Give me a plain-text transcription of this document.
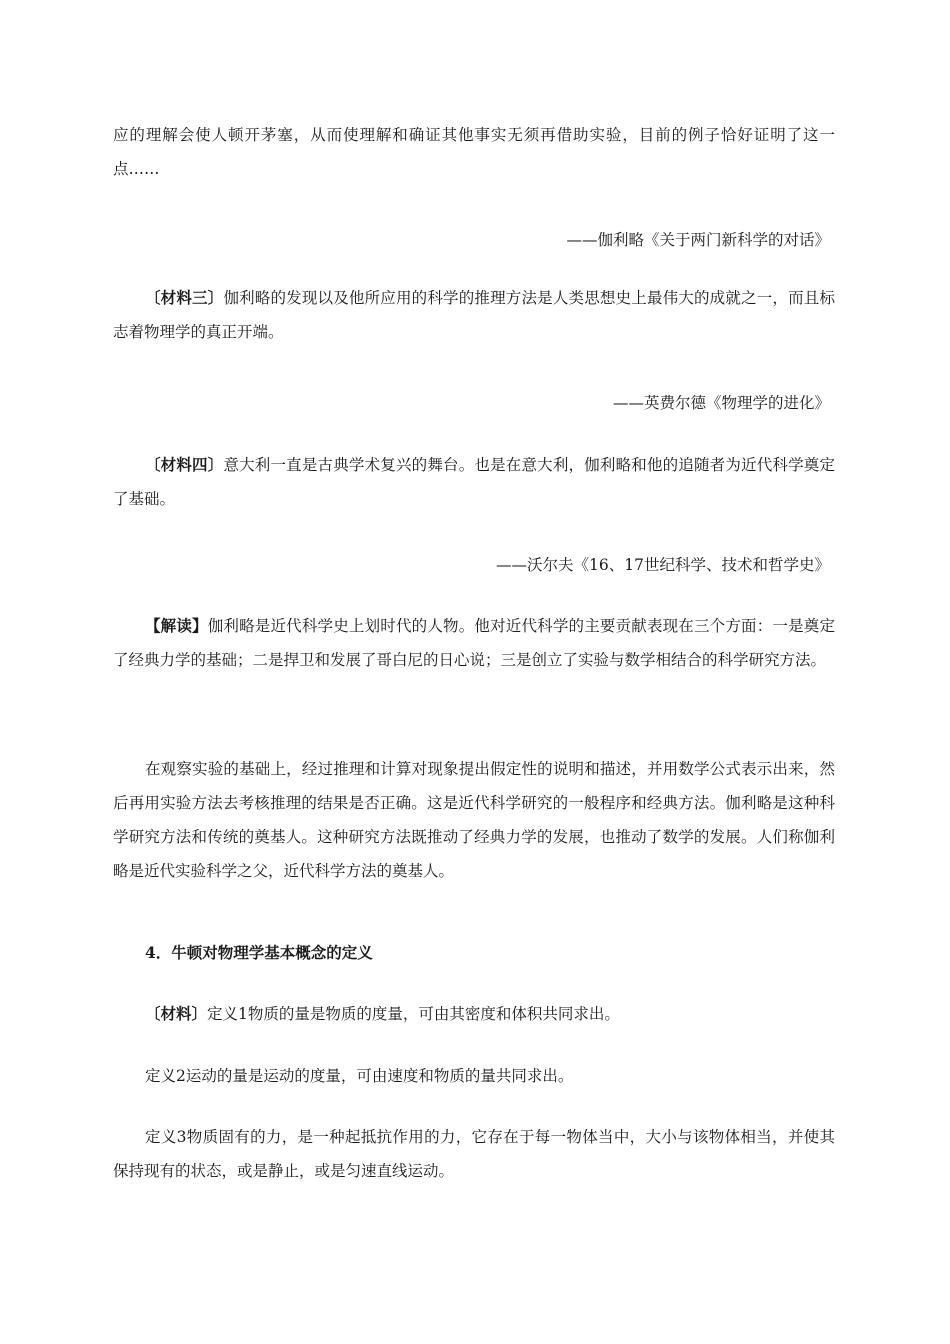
应的理解会使人顿开茅塞，从而使理解和确证其他事实无须再借助实验，目前的例子恰好证明了这一点……

——伽利略《关于两门新科学的对话》

〔材料三〕伽利略的发现以及他所应用的科学的推理方法是人类思想史上最伟大的成就之一，而且标志着物理学的真正开端。

——英费尔德《物理学的进化》

〔材料四〕意大利一直是古典学术复兴的舞台。也是在意大利，伽利略和他的追随者为近代科学奠定了基础。

——沃尔夫《16、17世纪科学、技术和哲学史》

【解读】伽利略是近代科学史上划时代的人物。他对近代科学的主要贡献表现在三个方面：一是奠定了经典力学的基础；二是捍卫和发展了哥白尼的日心说；三是创立了实验与数学相结合的科学研究方法。

在观察实验的基础上，经过推理和计算对现象提出假定性的说明和描述，并用数学公式表示出来，然后再用实验方法去考核推理的结果是否正确。这是近代科学研究的一般程序和经典方法。伽利略是这种科学研究方法和传统的奠基人。这种研究方法既推动了经典力学的发展，也推动了数学的发展。人们称伽利略是近代实验科学之父，近代科学方法的奠基人。

4．牛顿对物理学基本概念的定义

〔材料〕定义1物质的量是物质的度量，可由其密度和体积共同求出。

定义2运动的量是运动的度量，可由速度和物质的量共同求出。

定义3物质固有的力，是一种起抵抗作用的力，它存在于每一物体当中，大小与该物体相当，并使其保持现有的状态，或是静止，或是匀速直线运动。
